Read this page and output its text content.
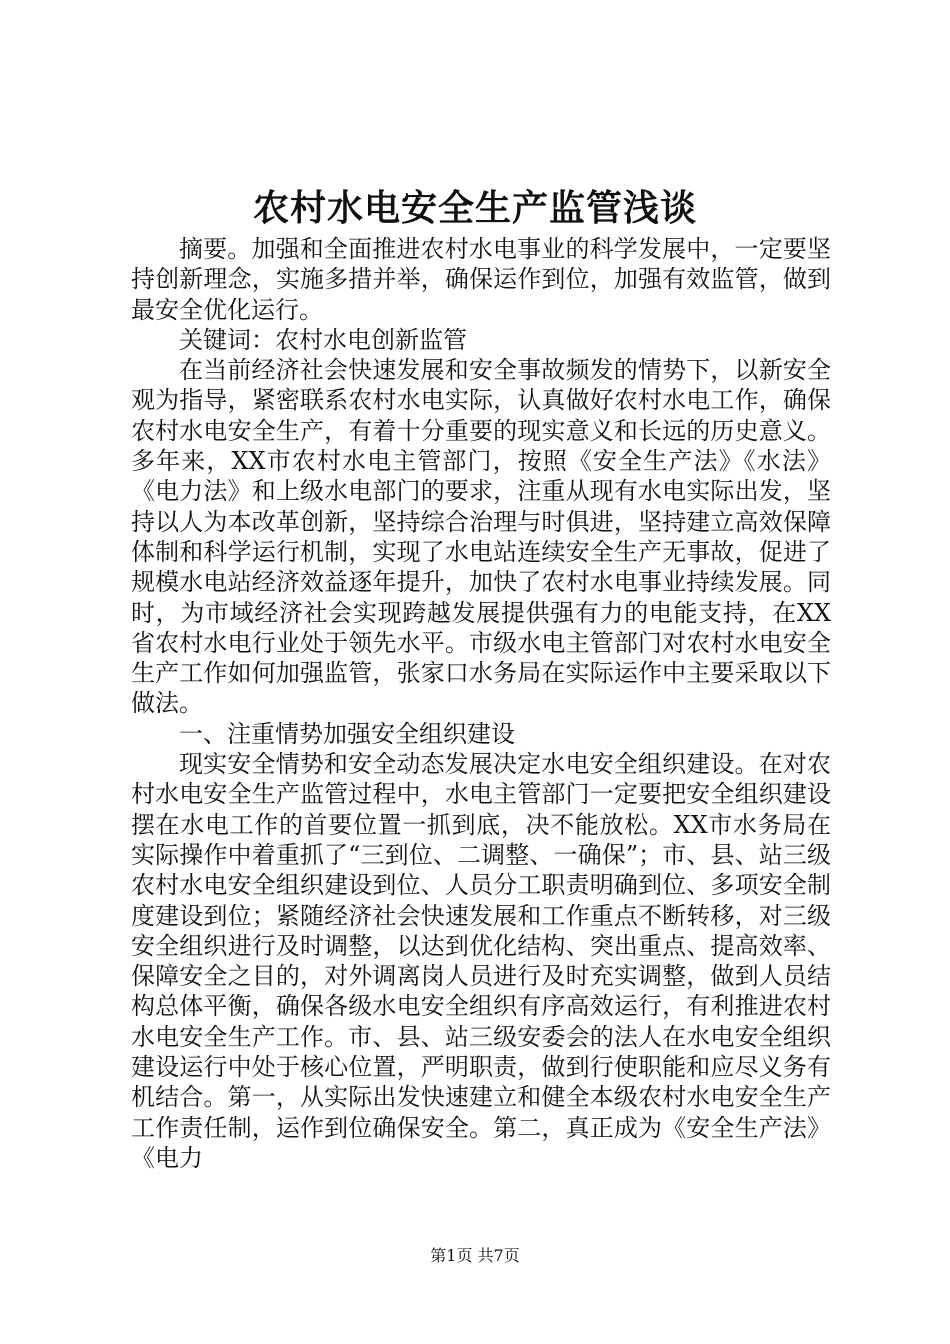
农村水电安全生产监管浅谈

摘要。加强和全面推进农村水电事业的科学发展中，一定要坚持创新理念，实施多措并举，确保运作到位，加强有效监管，做到最安全优化运行。

关键词：农村水电创新监管

在当前经济社会快速发展和安全事故频发的情势下，以新安全观为指导，紧密联系农村水电实际，认真做好农村水电工作，确保农村水电安全生产，有着十分重要的现实意义和长远的历史意义。多年来，XX市农村水电主管部门，按照《安全生产法》《水法》《电力法》和上级水电部门的要求，注重从现有水电实际出发，坚持以人为本改革创新，坚持综合治理与时俱进，坚持建立高效保障体制和科学运行机制，实现了水电站连续安全生产无事故，促进了规模水电站经济效益逐年提升，加快了农村水电事业持续发展。同时，为市域经济社会实现跨越发展提供强有力的电能支持，在XX省农村水电行业处于领先水平。市级水电主管部门对农村水电安全生产工作如何加强监管，张家口水务局在实际运作中主要采取以下做法。

一、注重情势加强安全组织建设

现实安全情势和安全动态发展决定水电安全组织建设。在对农村水电安全生产监管过程中，水电主管部门一定要把安全组织建设摆在水电工作的首要位置一抓到底，决不能放松。XX市水务局在实际操作中着重抓了“三到位、二调整、一确保”；市、县、站三级农村水电安全组织建设到位、人员分工职责明确到位、多项安全制度建设到位；紧随经济社会快速发展和工作重点不断转移，对三级安全组织进行及时调整，以达到优化结构、突出重点、提高效率、保障安全之目的，对外调离岗人员进行及时充实调整，做到人员结构总体平衡，确保各级水电安全组织有序高效运行，有利推进农村水电安全生产工作。市、县、站三级安委会的法人在水电安全组织建设运行中处于核心位置，严明职责，做到行使职能和应尽义务有机结合。第一，从实际出发快速建立和健全本级农村水电安全生产工作责任制，运作到位确保安全。第二，真正成为《安全生产法》《电力

第1页 共7页
